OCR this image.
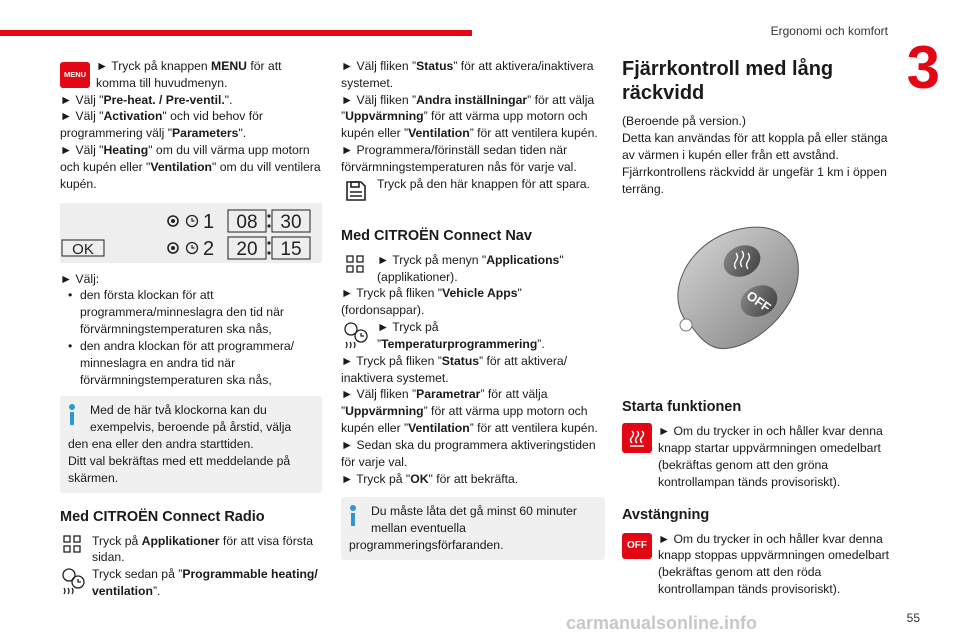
Ergonomi och komfort
3
MENU

► Tryck på knappen MENU för att komma till huvudmenyn.

► Välj "Pre-heat. / Pre-ventil.".

► Välj "Activation" och vid behov för programmering välj "Parameters".

► Välj "Heating" om du vill värma upp motorn och kupén eller "Ventilation" om du vill ventilera kupén.

1 08 30
OK	2 20 15

► Välj:

• den första klockan för att programmera/minneslagra den tid när förvärmningstemperaturen ska nås,
• den andra klockan för att programmera/ minneslagra en andra tid när förvärmningstemperaturen ska nås,

Med de här två klockorna kan du

exempelvis, beroende på årstid, välja

den ena eller den andra starttiden.

Ditt val bekräftas med ett meddelande på

skärmen.

Med CITROËN Connect Radio

Tryck på Applikationer för att visa första sidan.

Tryck sedan på ”Programmable heating/ ventilation”.

► Välj fliken ”Status” för att aktivera/inaktivera systemet.

► Välj fliken ”Andra inställningar” för att välja ”Uppvärmning” för att värma upp motorn och kupén eller ”Ventilation” för att ventilera kupén.

► Programmera/förinställ sedan tiden när förvärmningstemperaturen nås för varje val.

Tryck på den här knappen för att spara.

Med CITROËN Connect Nav

► Tryck på menyn "Applications" (applikationer).

► Tryck på fliken "Vehicle Apps" (fordonsappar).

► Tryck på ”Temperaturprogrammering”.

► Tryck på fliken ”Status” för att aktivera/ inaktivera systemet.

► Välj fliken ”Parametrar” för att välja ”Uppvärmning” för att värma upp motorn och kupén eller ”Ventilation” för att ventilera kupén.

► Sedan ska du programmera aktiveringstiden för varje val.

► Tryck på "OK" för att bekräfta.

Du måste låta det gå minst 60 minuter

mellan eventuella

programmeringsförfaranden.

Fjärrkontroll med lång räckvidd

(Beroende på version.)

Detta kan användas för att koppla på eller stänga av värmen i kupén eller från ett avstånd. Fjärrkontrollens räckvidd är ungefär 1 km i öppen terräng.

OFF
Starta funktionen

► Om du trycker in och håller kvar denna knapp startar uppvärmningen omedelbart (bekräftas genom att den gröna kontrollampan tänds provisoriskt).

Avstängning
OFF

►	Om du trycker in och håller kvar denna knapp stoppas uppvärmningen omedelbart (bekräftas genom att den röda kontrollampan tänds provisoriskt).

55
carmanualsonline.info
